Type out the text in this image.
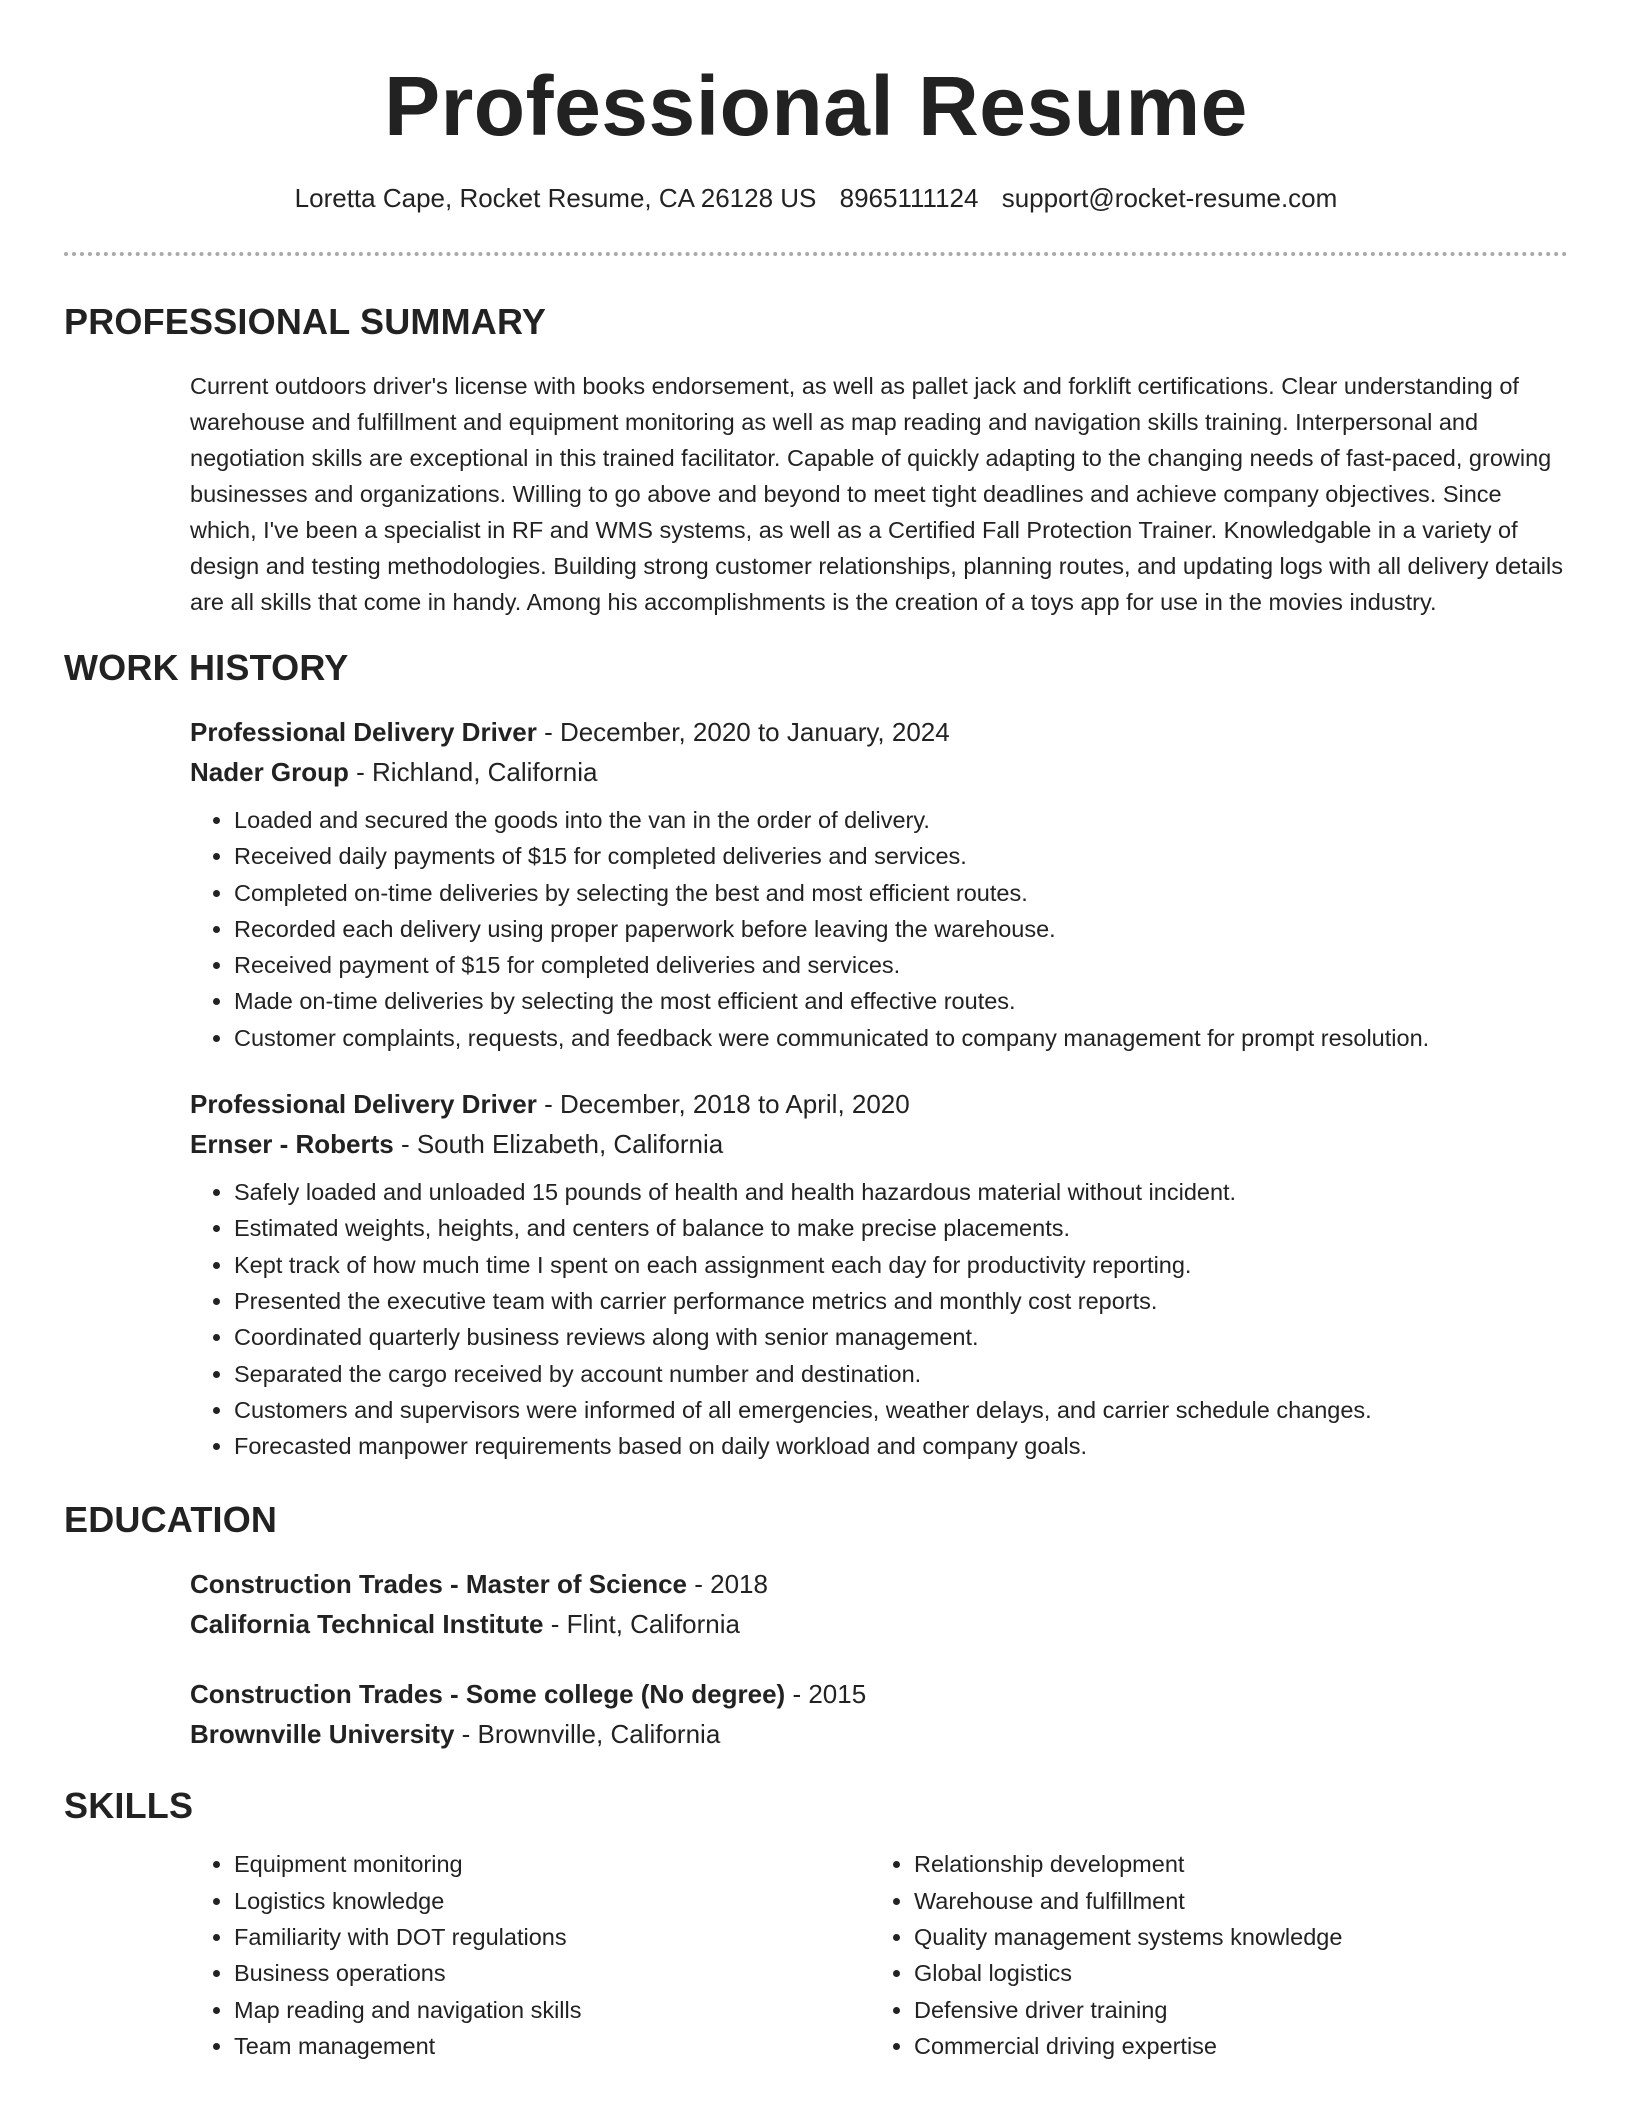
Professional Resume
Loretta Cape, Rocket Resume, CA 26128 US 8965111124 support@rocket-resume.com
PROFESSIONAL SUMMARY

Current outdoors driver's license with books endorsement, as well as pallet jack and forklift certifications. Clear understanding of warehouse and fulfillment and equipment monitoring as well as map reading and navigation skills training. Interpersonal and negotiation skills are exceptional in this trained facilitator. Capable of quickly adapting to the changing needs of fast-paced, growing businesses and organizations. Willing to go above and beyond to meet tight deadlines and achieve company objectives. Since which, I've been a specialist in RF and WMS systems, as well as a Certified Fall Protection Trainer. Knowledgable in a variety of design and testing methodologies. Building strong customer relationships, planning routes, and updating logs with all delivery details are all skills that come in handy. Among his accomplishments is the creation of a toys app for use in the movies industry.

WORK HISTORY
Professional Delivery Driver - December, 2020 to January, 2024
Nader Group - Richland, California
• Loaded and secured the goods into the van in the order of delivery.
• Received daily payments of $15 for completed deliveries and services.
• Completed on-time deliveries by selecting the best and most efficient routes.
• Recorded each delivery using proper paperwork before leaving the warehouse.
• Received payment of $15 for completed deliveries and services.
• Made on-time deliveries by selecting the most efficient and effective routes.
• Customer complaints, requests, and feedback were communicated to company management for prompt resolution.
Professional Delivery Driver - December, 2018 to April, 2020
Ernser - Roberts - South Elizabeth, California
• Safely loaded and unloaded 15 pounds of health and health hazardous material without incident.
• Estimated weights, heights, and centers of balance to make precise placements.
• Kept track of how much time I spent on each assignment each day for productivity reporting.
• Presented the executive team with carrier performance metrics and monthly cost reports.
• Coordinated quarterly business reviews along with senior management.
• Separated the cargo received by account number and destination.
• Customers and supervisors were informed of all emergencies, weather delays, and carrier schedule changes.
• Forecasted manpower requirements based on daily workload and company goals.
EDUCATION
Construction Trades - Master of Science - 2018
California Technical Institute - Flint, California
Construction Trades - Some college (No degree) - 2015
Brownville University - Brownville, California
SKILLS
• Equipment monitoring
• Logistics knowledge
• Familiarity with DOT regulations
• Business operations
• Map reading and navigation skills
• Team management
• Relationship development
• Warehouse and fulfillment
• Quality management systems knowledge
• Global logistics
• Defensive driver training
• Commercial driving expertise
